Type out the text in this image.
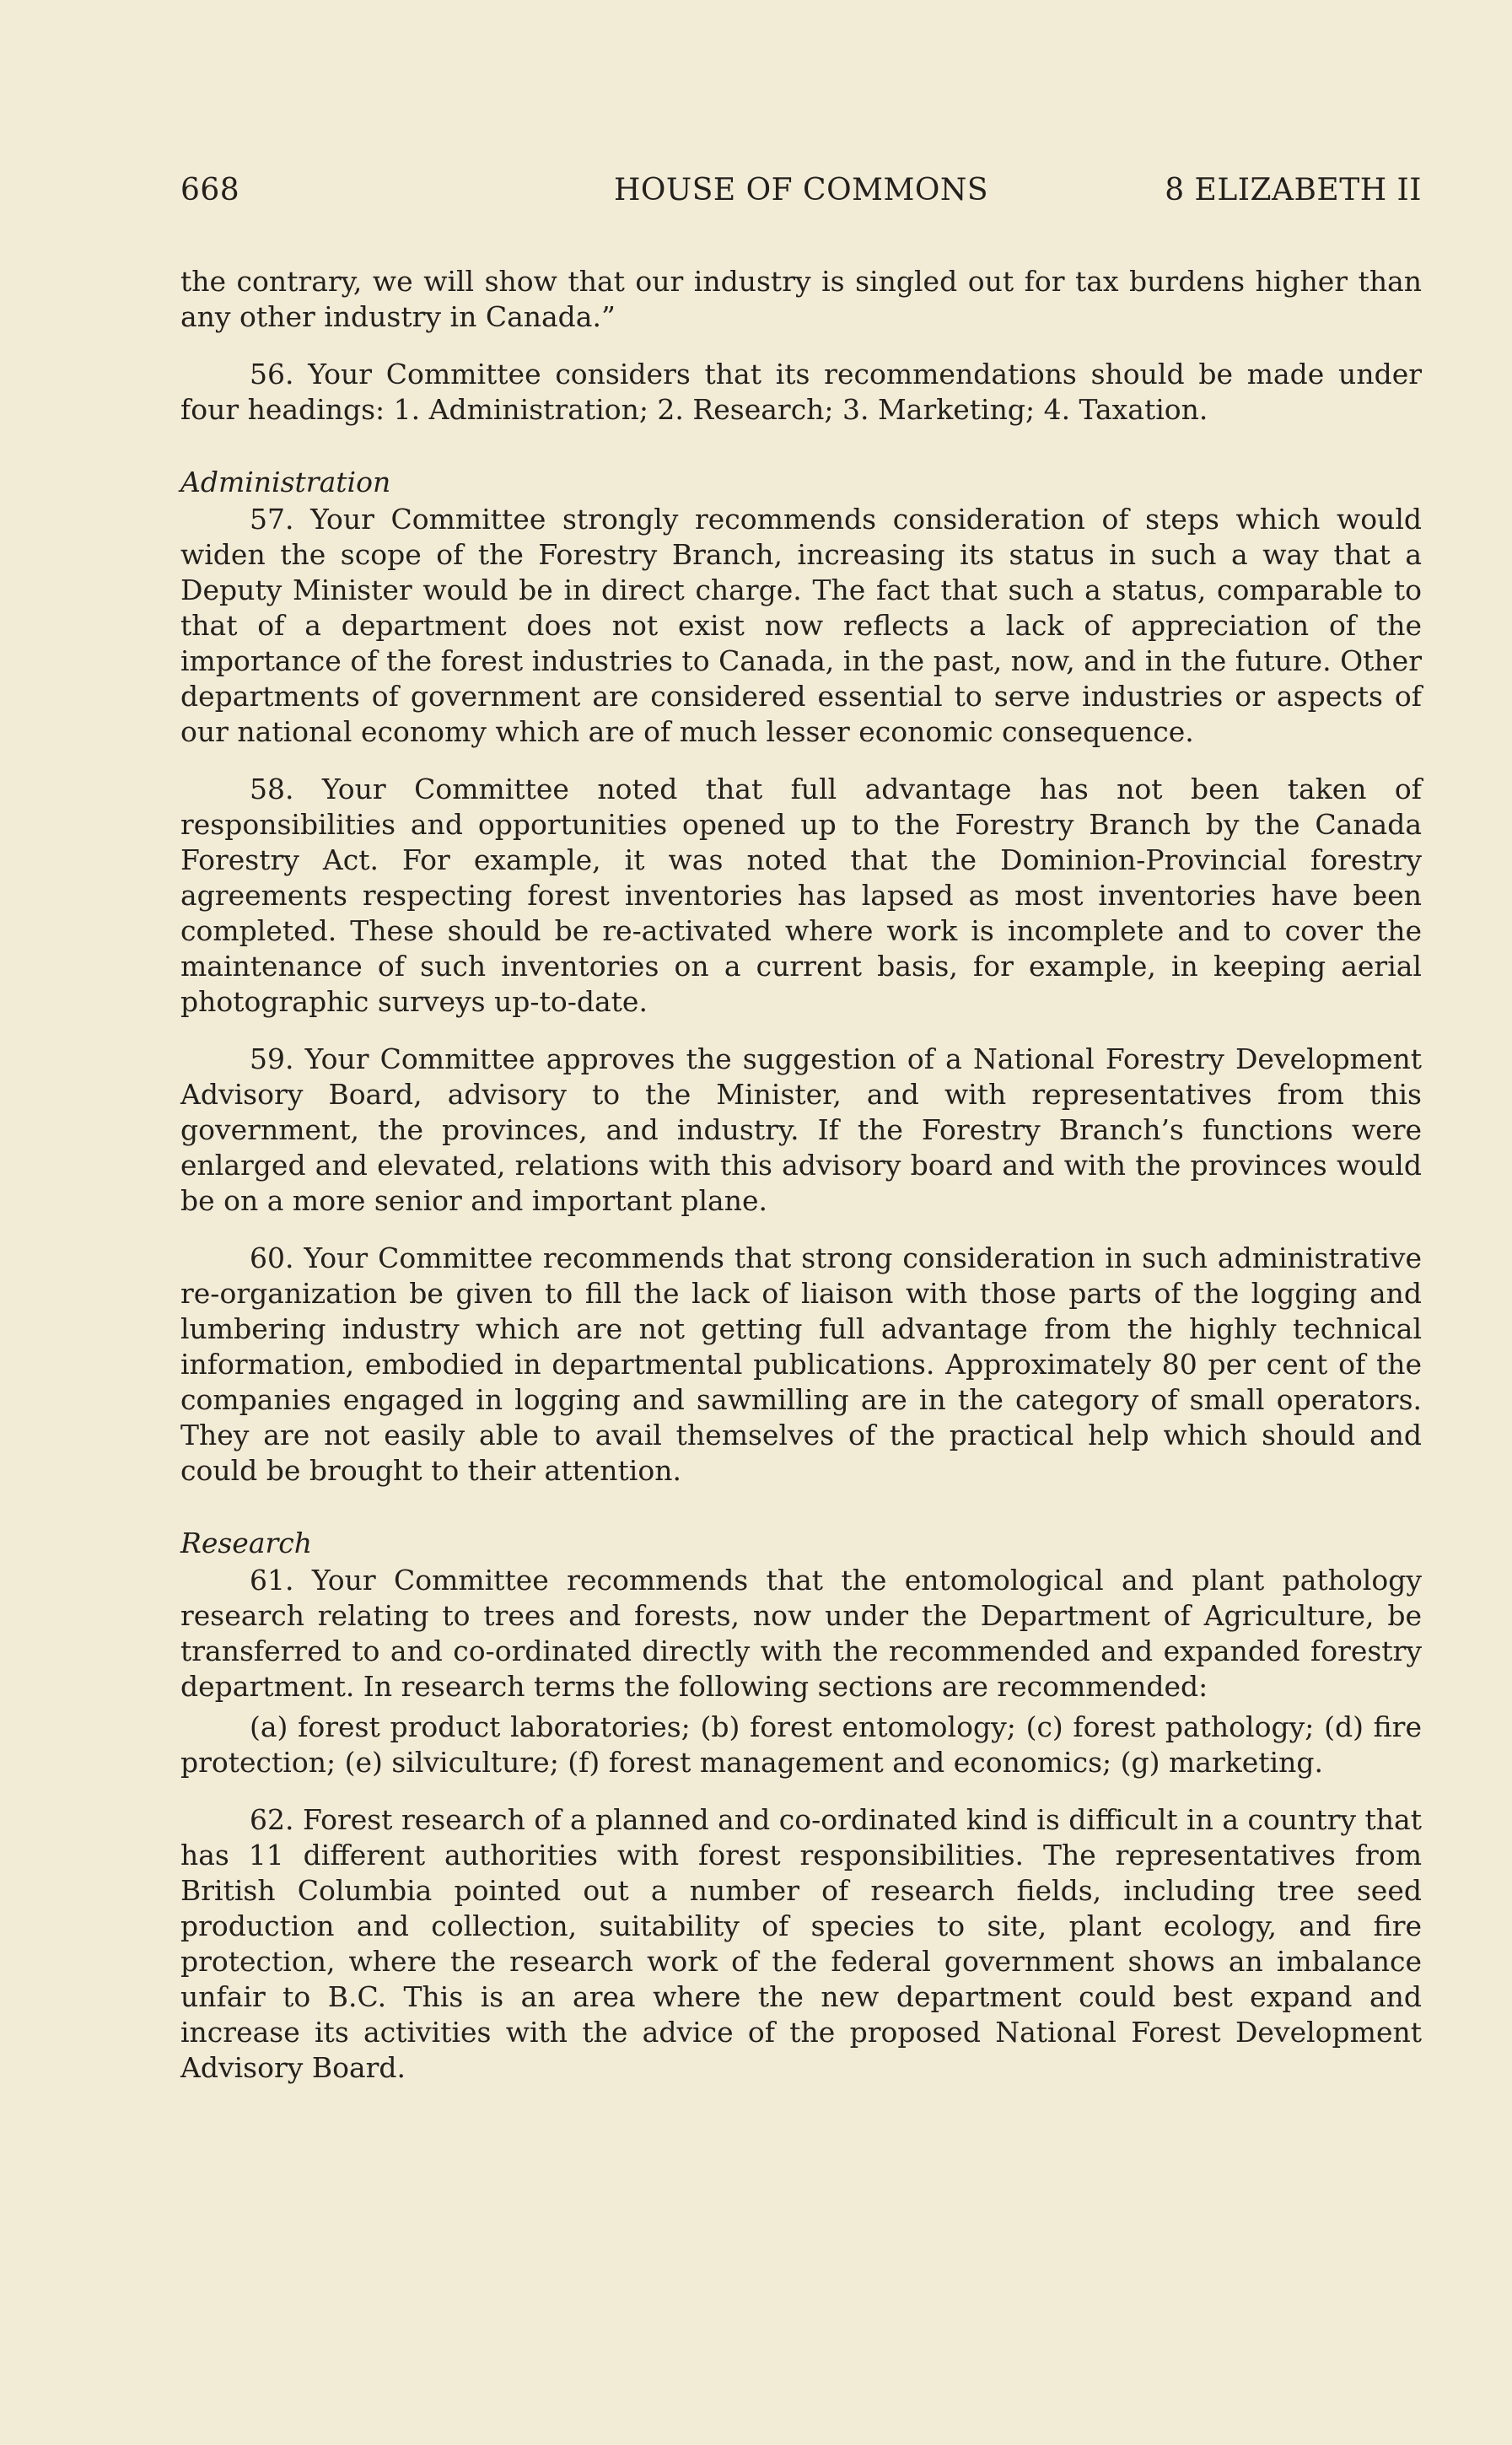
668	HOUSE OF COMMONS	8 ELIZABETH II

the contrary, we will show that our industry is singled out for tax burdens higher than any other industry in Canada.”

56. Your Committee considers that its recommendations should be made under four headings: 1. Administration; 2. Research; 3. Marketing; 4. Taxation.

Administration

57. Your Committee strongly recommends consideration of steps which would widen the scope of the Forestry Branch, increasing its status in such a way that a Deputy Minister would be in direct charge. The fact that such a status, comparable to that of a department does not exist now reflects a lack of appreciation of the importance of the forest industries to Canada, in the past, now, and in the future. Other departments of government are considered essential to serve industries or aspects of our national economy which are of much lesser economic consequence.

58. Your Committee noted that full advantage has not been taken of responsibilities and opportunities opened up to the Forestry Branch by the Canada Forestry Act. For example, it was noted that the Dominion-Provincial forestry agreements respecting forest inventories has lapsed as most inventories have been completed. These should be re-activated where work is incomplete and to cover the maintenance of such inventories on a current basis, for example, in keeping aerial photographic surveys up-to-date.

59. Your Committee approves the suggestion of a National Forestry Development Advisory Board, advisory to the Minister, and with representatives from this government, the provinces, and industry. If the Forestry Branch’s functions were enlarged and elevated, relations with this advisory board and with the provinces would be on a more senior and important plane.

60. Your Committee recommends that strong consideration in such administrative re-organization be given to fill the lack of liaison with those parts of the logging and lumbering industry which are not getting full advantage from the highly technical information, embodied in departmental publications. Approximately 80 per cent of the companies engaged in logging and sawmilling are in the category of small operators. They are not easily able to avail themselves of the practical help which should and could be brought to their attention.

Research

61. Your Committee recommends that the entomological and plant pathology research relating to trees and forests, now under the Department of Agriculture, be transferred to and co-ordinated directly with the recommended and expanded forestry department. In research terms the following sections are recommended:

(a) forest product laboratories; (b) forest entomology; (c) forest pathology; (d) fire protection; (e) silviculture; (f) forest management and economics; (g) marketing.

62. Forest research of a planned and co-ordinated kind is difficult in a country that has 11 different authorities with forest responsibilities. The representatives from British Columbia pointed out a number of research fields, including tree seed production and collection, suitability of species to site, plant ecology, and fire protection, where the research work of the federal government shows an imbalance unfair to B.C. This is an area where the new department could best expand and increase its activities with the advice of the proposed National Forest Development Advisory Board.
